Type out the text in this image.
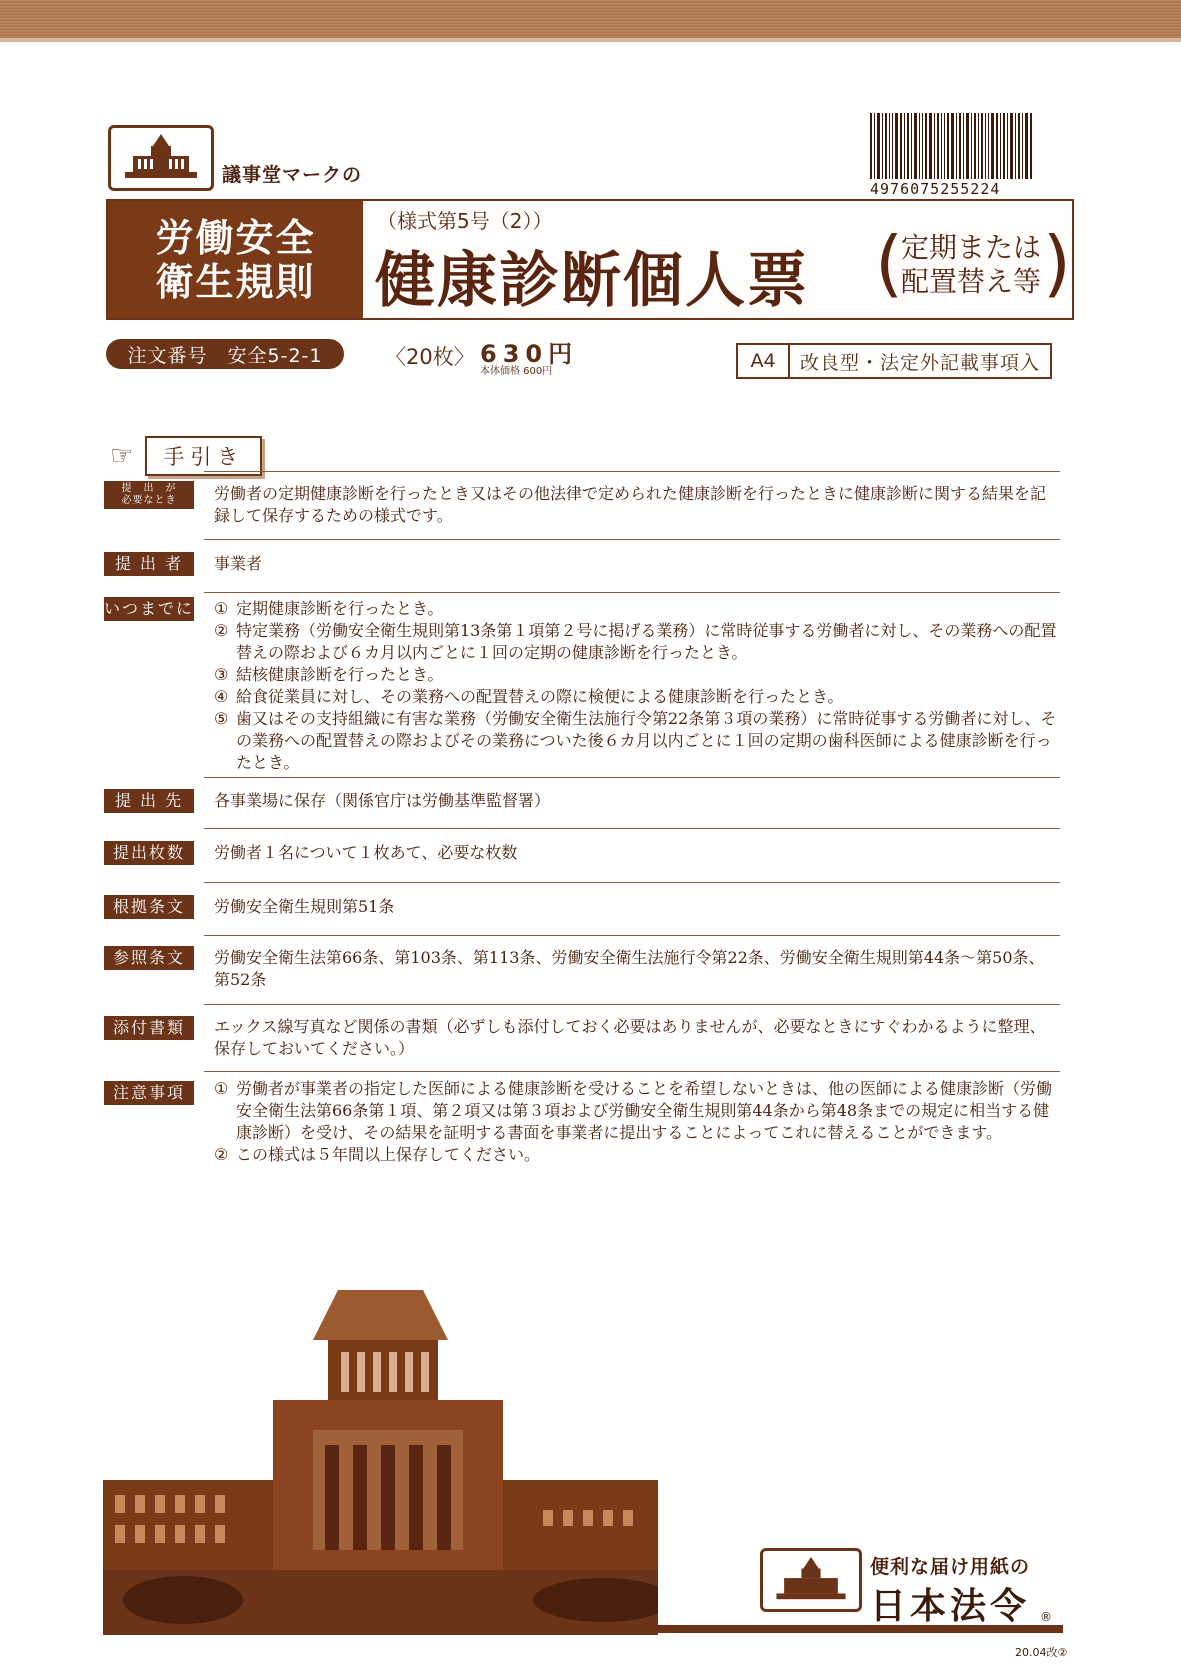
議事堂マークの
4976075255224
労働安全
衛生規則
（様式第5号（2））
健康診断個人票 (
定期または
配置替え等 )
注文番号　安全5-2-1	〈20枚〉 630円
本体価格 600円	A4	改良型・法定外記載事項入
☞	手引き
提　出　が
必要なとき	労働者の定期健康診断を行ったとき又はその他法律で定められた健康診断を行ったときに健康診断に関する結果を記録して保存するための様式です。
提 出 者	事業者
いつまでに ① 定期健康診断を行ったとき。
② 特定業務（労働安全衛生規則第13条第１項第２号に掲げる業務）に常時従事する労働者に対し、その業務への配置替えの際および６カ月以内ごとに１回の定期の健康診断を行ったとき。
③ 結核健康診断を行ったとき。
④ 給食従業員に対し、その業務への配置替えの際に検便による健康診断を行ったとき。
⑤ 歯又はその支持組織に有害な業務（労働安全衛生法施行令第22条第３項の業務）に常時従事する労働者に対し、その業務への配置替えの際およびその業務についた後６カ月以内ごとに１回の定期の歯科医師による健康診断を行ったとき。
提 出 先	各事業場に保存（関係官庁は労働基準監督署）
提出枚数	労働者１名について１枚あて、必要な枚数
根拠条文	労働安全衛生規則第51条
参照条文	労働安全衛生法第66条、第103条、第113条、労働安全衛生法施行令第22条、労働安全衛生規則第44条～第50条、第52条
添付書類	エックス線写真など関係の書類（必ずしも添付しておく必要はありませんが、必要なときにすぐわかるように整理、保存しておいてください。）
注意事項	① 労働者が事業者の指定した医師による健康診断を受けることを希望しないときは、他の医師による健康診断（労働安全衛生法第66条第１項、第２項又は第３項および労働安全衛生規則第44条から第48条までの規定に相当する健康診断）を受け、その結果を証明する書面を事業者に提出することによってこれに替えることができます。
② この様式は５年間以上保存してください。
便利な届け用紙の
日本法令 ®
20.04改②
